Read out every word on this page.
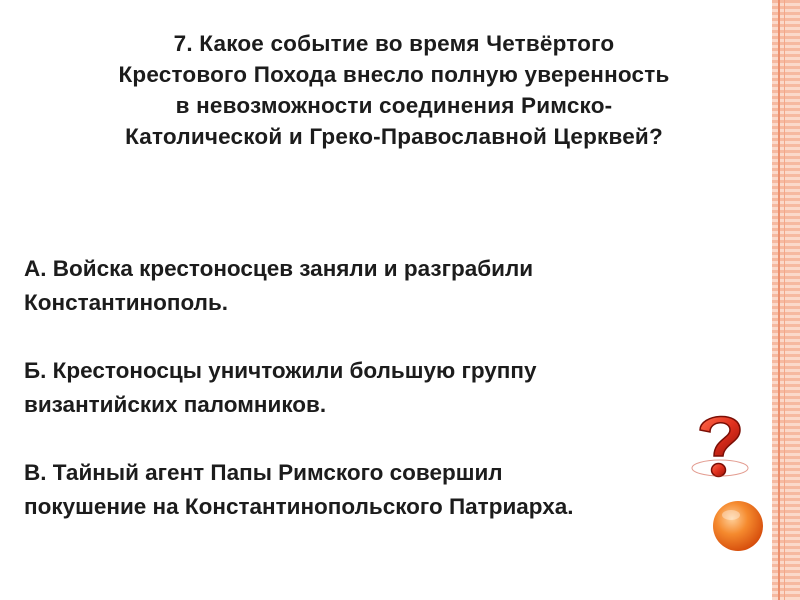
7. Какое событие во время Четвёртого
Крестового Похода внесло полную уверенность
в невозможности соединения Римско-
Католической и Греко-Православной Церквей?
А. Войска крестоносцев заняли и разграбили
Константинополь.
Б. Крестоносцы уничтожили большую группу
византийских паломников.
В. Тайный агент Папы Римского совершил
покушение на Константинопольского Патриарха.
